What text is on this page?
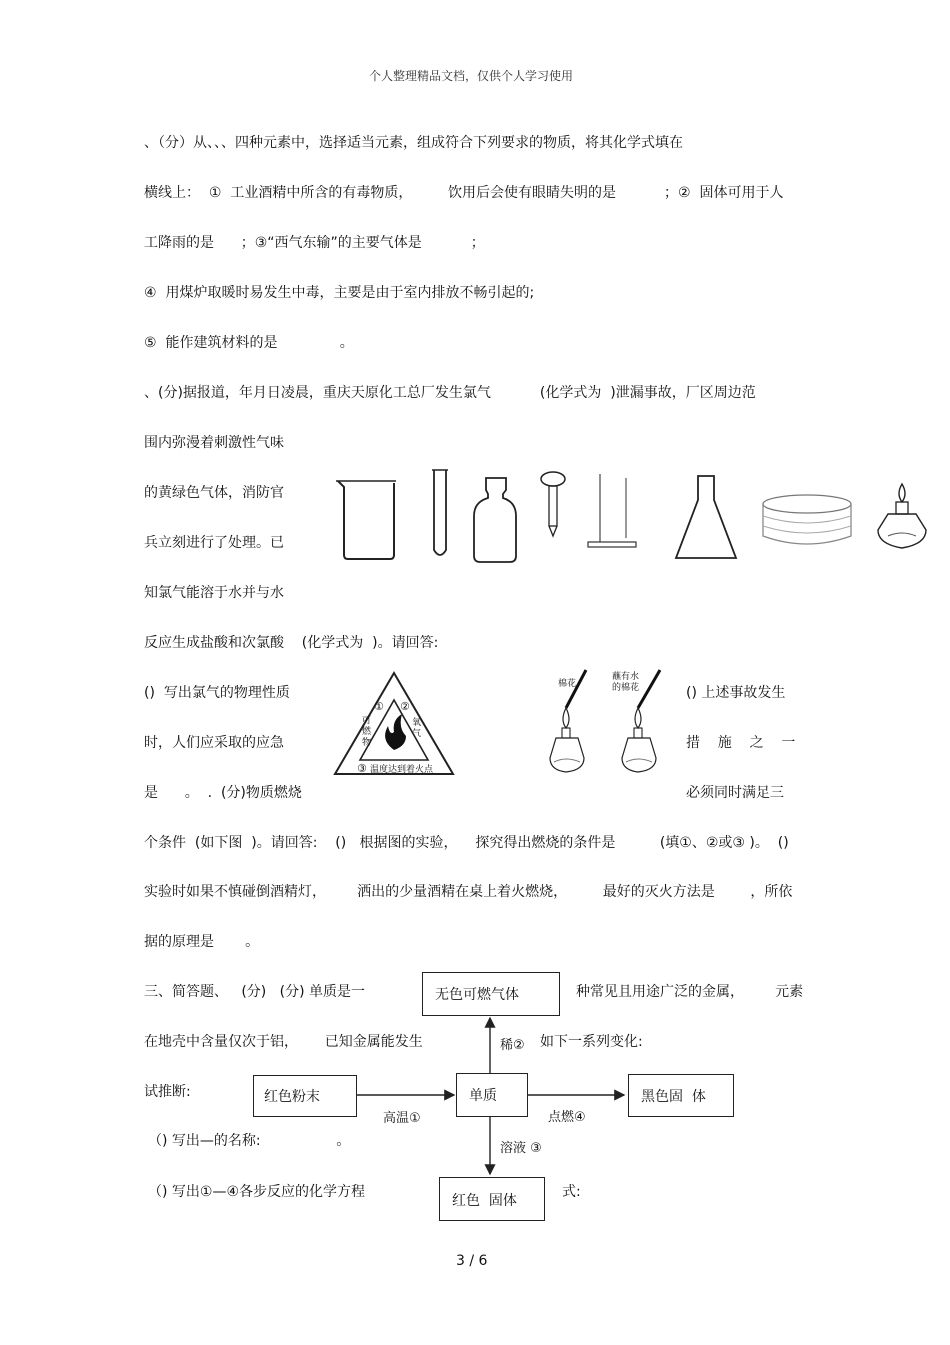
个人整理精品文档，仅供个人学习使用
、（分）从、、、四种元素中，选择适当元素，组成符合下列要求的物质，将其化学式填在
横线上：  ①  工业酒精中所含的有毒物质，	饮用后会使有眼睛失明的是	；②  固体可用于人
工降雨的是      ；③“西气东输”的主要气体是           ；
④  用煤炉取暖时易发生中毒，主要是由于室内排放不畅引起的;
⑤  能作建筑材料的是              。
、(分)据报道，年月日凌晨，重庆天原化工总厂发生氯气           (化学式为  )泄漏事故，厂区周边范
围内弥漫着刺激性气味
的黄绿色气体，消防官
兵立刻进行了处理。已
知氯气能溶于水并与水
反应生成盐酸和次氯酸    (化学式为  )。请回答:
()  写出氯气的物理性质	() 上述事故发生
时，人们应采取的应急	措    施    之    一
是      。  .  (分)物质燃烧	必须同时满足三
个条件  (如下图  )。请回答:    ()   根据图的实验，    探究得出燃烧的条件是          (填①、②或③ )。  ()
实验时如果不慎碰倒酒精灯，       洒出的少量酒精在桌上着火燃烧，        最好的灭火方法是        ，所依
据的原理是       。
三、简答题、   (分)   (分) 单质是一	种常见且用途广泛的金属，       元素
在地壳中含量仅次于铝，      已知金属能发生	如下一系列变化:
试推断:
（) 写出—的名称:                 。
（) 写出①—④各步反应的化学方程	式:
① ②
③
可燃物
氧气
温度达到着火点
棉花
蘸有水的棉花
无色可燃气体
红色粉末	单质	黑色固  体
红色  固体
稀②
高温①	点燃④
溶液 ③
3 / 6
